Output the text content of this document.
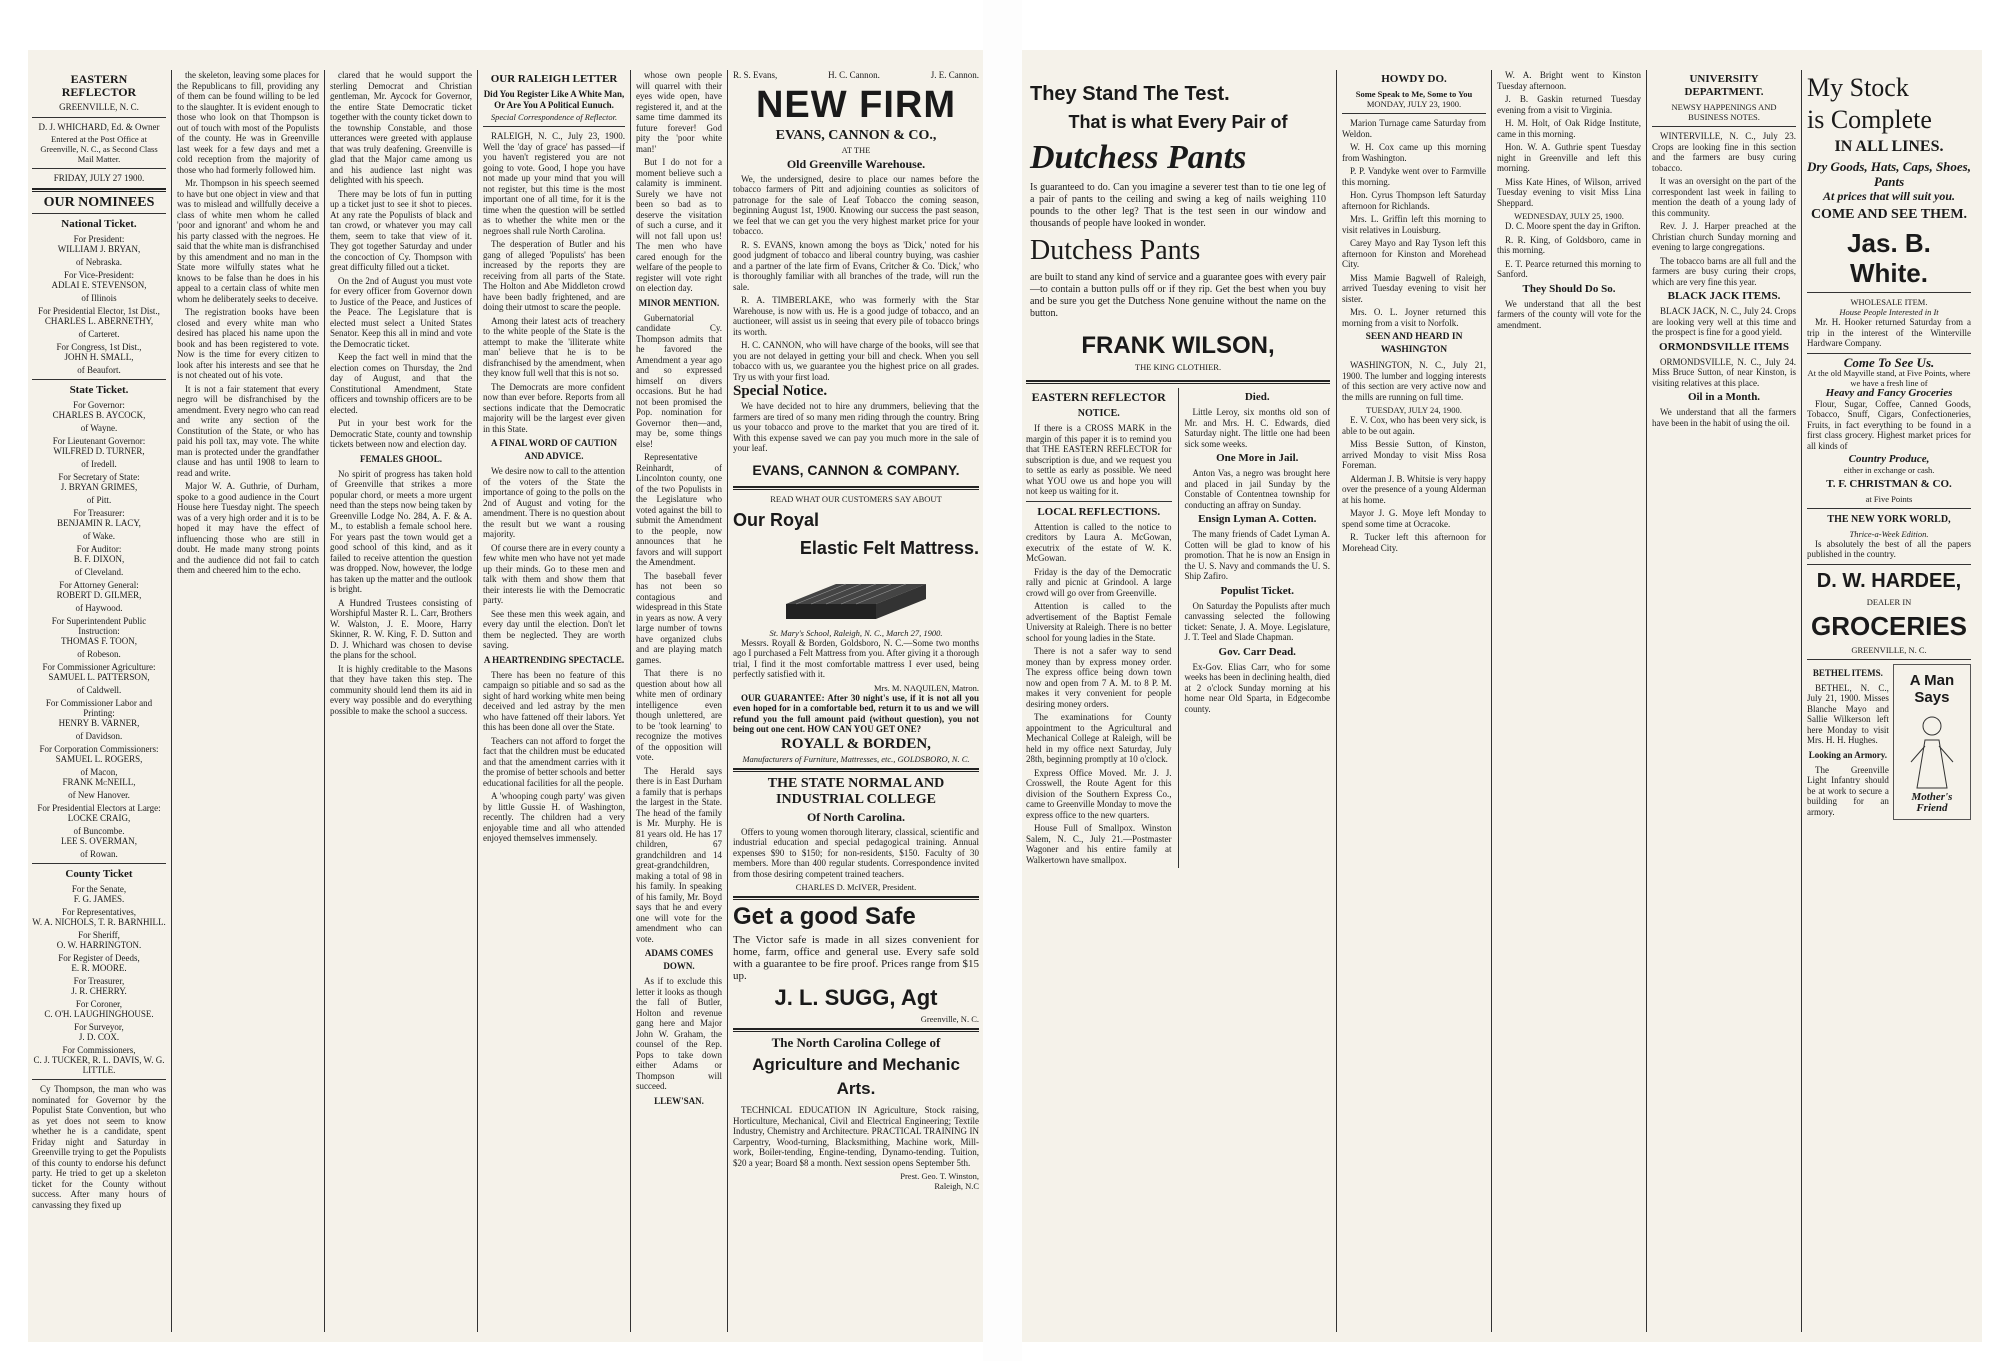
EASTERN REFLECTOR
GREENVILLE, N. C.
D. J. WHICHARD, Ed. & Owner
Entered at the Post Office at Greenville, N. C., as Second Class Mail Matter.
FRIDAY, JULY 27 1900.
OUR NOMINEES
National Ticket.
For President:
WILLIAM J. BRYAN,
of Nebraska.
For Vice-President:
ADLAI E. STEVENSON,
of Illinois
For Presidential Elector, 1st Dist.,
CHARLES L. ABERNETHY,
of Carteret.
For Congress, 1st Dist.,
JOHN H. SMALL,
of Beaufort.
State Ticket.
For Governor:
CHARLES B. AYCOCK,
of Wayne.
For Lieutenant Governor:
WILFRED D. TURNER,
of Iredell.
For Secretary of State:
J. BRYAN GRIMES,
of Pitt.
For Treasurer:
BENJAMIN R. LACY,
of Wake.
For Auditor:
B. F. DIXON,
of Cleveland.
For Attorney General:
ROBERT D. GILMER,
of Haywood.
For Superintendent Public Instruction:
THOMAS F. TOON,
of Robeson.
For Commissioner Agriculture:
SAMUEL L. PATTERSON,
of Caldwell.
For Commissioner Labor and Printing:
HENRY B. VARNER,
of Davidson.
For Corporation Commissioners:
SAMUEL L. ROGERS,
of Macon,
FRANK McNEILL,
of New Hanover.
For Presidential Electors at Large:
LOCKE CRAIG,
of Buncombe.
LEE S. OVERMAN,
of Rowan.
County Ticket
For the Senate,
F. G. JAMES.
For Representatives,
W. A. NICHOLS, T. R. BARNHILL.
For Sheriff,
O. W. HARRINGTON.
For Register of Deeds,
E. R. MOORE.
For Treasurer,
J. R. CHERRY.
For Coroner,
C. O'H. LAUGHINGHOUSE.
For Surveyor,
J. D. COX.
For Commissioners,
C. J. TUCKER, R. L. DAVIS, W. G. LITTLE.

Cy Thompson, the man who was nominated for Governor by the Populist State Convention, but who as yet does not seem to know whether he is a candidate, spent Friday night and Saturday in Greenville trying to get the Populists of this county to endorse his defunct party. He tried to get up a skeleton ticket for the County without success. After many hours of canvassing they fixed up

the skeleton, leaving some places for the Republicans to fill, providing any of them can be found willing to be led to the slaughter. It is evident enough to those who look on that Thompson is out of touch with most of the Populists of the county. He was in Greenville last week for a few days and met a cold reception from the majority of those who had formerly followed him.

Mr. Thompson in his speech seemed to have but one object in view and that was to mislead and willfully deceive a class of white men whom he called 'poor and ignorant' and whom he and his party classed with the negroes. He said that the white man is disfranchised by this amendment and no man in the State more wilfully states what he knows to be false than he does in his appeal to a certain class of white men whom he deliberately seeks to deceive.

The registration books have been closed and every white man who desired has placed his name upon the book and has been registered to vote. Now is the time for every citizen to look after his interests and see that he is not cheated out of his vote.

It is not a fair statement that every negro will be disfranchised by the amendment. Every negro who can read and write any section of the Constitution of the State, or who has paid his poll tax, may vote. The white man is protected under the grandfather clause and has until 1908 to learn to read and write.

Major W. A. Guthrie, of Durham, spoke to a good audience in the Court House here Tuesday night. The speech was of a very high order and it is to be hoped it may have the effect of influencing those who are still in doubt. He made many strong points and the audience did not fail to catch them and cheered him to the echo.

clared that he would support the sterling Democrat and Christian gentleman, Mr. Aycock for Governor, the entire State Democratic ticket together with the county ticket down to the township Constable, and those utterances were greeted with applause that was truly deafening. Greenville is glad that the Major came among us and his audience last night was delighted with his speech.

There may be lots of fun in putting up a ticket just to see it shot to pieces. At any rate the Populists of black and tan crowd, or whatever you may call them, seem to take that view of it. They got together Saturday and under the concoction of Cy. Thompson with great difficulty filled out a ticket.

On the 2nd of August you must vote for every officer from Governor down to Justice of the Peace, and Justices of the Peace. The Legislature that is elected must select a United States Senator. Keep this all in mind and vote the Democratic ticket.

Keep the fact well in mind that the election comes on Thursday, the 2nd day of August, and that the Constitutional Amendment, State officers and township officers are to be elected.

Put in your best work for the Democratic State, county and township tickets between now and election day.

FEMALES GHOOL.

No spirit of progress has taken hold of Greenville that strikes a more popular chord, or meets a more urgent need than the steps now being taken by Greenville Lodge No. 284, A. F. & A. M., to establish a female school here. For years past the town would get a good school of this kind, and as it failed to receive attention the question was dropped. Now, however, the lodge has taken up the matter and the outlook is bright.

A Hundred Trustees consisting of Worshipful Master R. L. Carr, Brothers W. Walston, J. E. Moore, Harry Skinner, R. W. King, F. D. Sutton and D. J. Whichard was chosen to devise the plans for the school.

It is highly creditable to the Masons that they have taken this step. The community should lend them its aid in every way possible and do everything possible to make the school a success.

OUR RALEIGH LETTER
Did You Register Like A White Man, Or Are You A Political Eunuch.
Special Correspondence of Reflector.

RALEIGH, N. C., July 23, 1900. Well the 'day of grace' has passed—if you haven't registered you are not going to vote. Good, I hope you have not made up your mind that you will not register, but this time is the most important one of all time, for it is the time when the question will be settled as to whether the white men or the negroes shall rule North Carolina.

The desperation of Butler and his gang of alleged 'Populists' has been increased by the reports they are receiving from all parts of the State. The Holton and Abe Middleton crowd have been badly frightened, and are doing their utmost to scare the people.

Among their latest acts of treachery to the white people of the State is the attempt to make the 'illiterate white man' believe that he is to be disfranchised by the amendment, when they know full well that this is not so.

The Democrats are more confident now than ever before. Reports from all sections indicate that the Democratic majority will be the largest ever given in this State.

A FINAL WORD OF CAUTION AND ADVICE.

We desire now to call to the attention of the voters of the State the importance of going to the polls on the 2nd of August and voting for the amendment. There is no question about the result but we want a rousing majority.

Of course there are in every county a few white men who have not yet made up their minds. Go to these men and talk with them and show them that their interests lie with the Democratic party.

See these men this week again, and every day until the election. Don't let them be neglected. They are worth saving.

A HEARTRENDING SPECTACLE.

There has been no feature of this campaign so pitiable and so sad as the sight of hard working white men being deceived and led astray by the men who have fattened off their labors. Yet this has been done all over the State.

Teachers can not afford to forget the fact that the children must be educated and that the amendment carries with it the promise of better schools and better educational facilities for all the people.

A 'whooping cough party' was given by little Gussie H. of Washington, recently. The children had a very enjoyable time and all who attended enjoyed themselves immensely.

whose own people will quarrel with their eyes wide open, have registered it, and at the same time dammed its future forever! God pity the 'poor white man!'

But I do not for a moment believe such a calamity is imminent. Surely we have not been so bad as to deserve the visitation of such a curse, and it will not fall upon us! The men who have cared enough for the welfare of the people to register will vote right on election day.

MINOR MENTION.

Gubernatorial candidate Cy. Thompson admits that he favored the Amendment a year ago and so expressed himself on divers occasions. But he had not been promised the Pop. nomination for Governor then—and, may be, some things else!

Representative Reinhardt, of Lincolnton county, one of the two Populists in the Legislature who voted against the bill to submit the Amendment to the people, now announces that he favors and will support the Amendment.

The baseball fever has not been so contagious and widespread in this State in years as now. A very large number of towns have organized clubs and are playing match games.

That there is no question about how all white men of ordinary intelligence even though unlettered, are to be 'took learning' to recognize the motives of the opposition will vote.

The Herald says there is in East Durham a family that is perhaps the largest in the State. The head of the family is Mr. Murphy. He is 81 years old. He has 17 children, 67 grandchildren and 14 great-grandchildren, making a total of 98 in his family. In speaking of his family, Mr. Boyd says that he and every one will vote for the amendment who can vote.

ADAMS COMES DOWN.

As if to exclude this letter it looks as though the fall of Butler, Holton and revenue gang here and Major John W. Graham, the counsel of the Rep. Pops to take down either Adams or Thompson will succeed.

LLEW'SAN.

R. S. Evans,	H. C. Cannon.	J. E. Cannon.
NEW FIRM
EVANS, CANNON & CO.,
AT THE
Old Greenville Warehouse.

We, the undersigned, desire to place our names before the tobacco farmers of Pitt and adjoining counties as solicitors of patronage for the sale of Leaf Tobacco the coming season, beginning August 1st, 1900. Knowing our success the past season, we feel that we can get you the very highest market price for your tobacco.

R. S. EVANS, known among the boys as 'Dick,' noted for his good judgment of tobacco and liberal country buying, was cashier and a partner of the late firm of Evans, Critcher & Co. 'Dick,' who is thoroughly familiar with all branches of the trade, will run the sale.

R. A. TIMBERLAKE, who was formerly with the Star Warehouse, is now with us. He is a good judge of tobacco, and an auctioneer, will assist us in seeing that every pile of tobacco brings its worth.

H. C. CANNON, who will have charge of the books, will see that you are not delayed in getting your bill and check. When you sell tobacco with us, we guarantee you the highest price on all grades. Try us with your first load.

Special Notice.

We have decided not to hire any drummers, believing that the farmers are tired of so many men riding through the country. Bring us your tobacco and prove to the market that you are tired of it. With this expense saved we can pay you much more in the sale of your leaf.

EVANS, CANNON & COMPANY.
READ WHAT OUR CUSTOMERS SAY ABOUT
Our Royal
Elastic Felt Mattress.
St. Mary's School, Raleigh, N. C., March 27, 1900.

Messrs. Royall & Borden, Goldsboro, N. C.—Some two months ago I purchased a Felt Mattress from you. After giving it a thorough trial, I find it the most comfortable mattress I ever used, being perfectly satisfied with it.

Mrs. M. NAQUILEN, Matron.

OUR GUARANTEE: After 30 night's use, if it is not all you even hoped for in a comfortable bed, return it to us and we will refund you the full amount paid (without question), you not being out one cent. HOW CAN YOU GET ONE?

ROYALL & BORDEN,
Manufacturers of Furniture, Mattresses, etc., GOLDSBORO, N. C.
THE STATE NORMAL AND INDUSTRIAL COLLEGE
Of North Carolina.

Offers to young women thorough literary, classical, scientific and industrial education and special pedagogical training. Annual expenses $90 to $150; for non-residents, $150. Faculty of 30 members. More than 400 regular students. Correspondence invited from those desiring competent trained teachers.

CHARLES D. McIVER, President.
Get a good Safe

The Victor safe is made in all sizes convenient for home, farm, office and general use. Every safe sold with a guarantee to be fire proof. Prices range from $15 up.

J. L. SUGG, Agt
Greenville, N. C.
The North Carolina College of
Agriculture and Mechanic Arts.

TECHNICAL EDUCATION IN Agriculture, Stock raising, Horticulture, Mechanical, Civil and Electrical Engineering; Textile Industry, Chemistry and Architecture. PRACTICAL TRAINING IN Carpentry, Wood-turning, Blacksmithing, Machine work, Mill-work, Boiler-tending, Engine-tending, Dynamo-tending. Tuition, $20 a year; Board $8 a month. Next session opens September 5th.

Prest. Geo. T. Winston,
Raleigh, N.C
They Stand The Test.
That is what Every Pair of
Dutchess Pants

Is guaranteed to do. Can you imagine a severer test than to tie one leg of a pair of pants to the ceiling and swing a keg of nails weighing 110 pounds to the other leg? That is the test seen in our window and thousands of people have looked in wonder.

Dutchess Pants

are built to stand any kind of service and a guarantee goes with every pair—to contain a button pulls off or if they rip. Get the best when you buy and be sure you get the Dutchess None genuine without the name on the button.

FRANK WILSON,
THE KING CLOTHIER.
EASTERN REFLECTOR
NOTICE.

If there is a CROSS MARK in the margin of this paper it is to remind you that THE EASTERN REFLECTOR for subscription is due, and we request you to settle as early as possible. We need what YOU owe us and hope you will not keep us waiting for it.

LOCAL REFLECTIONS.

Attention is called to the notice to creditors by Laura A. McGowan, executrix of the estate of W. K. McGowan.

Friday is the day of the Democratic rally and picnic at Grindool. A large crowd will go over from Greenville.

Attention is called to the advertisement of the Baptist Female University at Raleigh. There is no better school for young ladies in the State.

There is not a safer way to send money than by express money order. The express office being down town now and open from 7 A. M. to 8 P. M. makes it very convenient for people desiring money orders.

The examinations for County appointment to the Agricultural and Mechanical College at Raleigh, will be held in my office next Saturday, July 28th, beginning promptly at 10 o'clock.

Express Office Moved. Mr. J. J. Crosswell, the Route Agent for this division of the Southern Express Co., came to Greenville Monday to move the express office to the new quarters.

House Full of Smallpox. Winston Salem, N. C., July 21.—Postmaster Wagoner and his entire family at Walkertown have smallpox.

Died.

Little Leroy, six months old son of Mr. and Mrs. H. C. Edwards, died Saturday night. The little one had been sick some weeks.

One More in Jail.

Anton Vas, a negro was brought here and placed in jail Sunday by the Constable of Contentnea township for conducting an affray on Sunday.

Ensign Lyman A. Cotten.

The many friends of Cadet Lyman A. Cotten will be glad to know of his promotion. That he is now an Ensign in the U. S. Navy and commands the U. S. Ship Zafiro.

Populist Ticket.

On Saturday the Populists after much canvassing selected the following ticket: Senate, J. A. Moye. Legislature, J. T. Teel and Slade Chapman.

Gov. Carr Dead.

Ex-Gov. Elias Carr, who for some weeks has been in declining health, died at 2 o'clock Sunday morning at his home near Old Sparta, in Edgecombe county.

HOWDY DO.
Some Speak to Me, Some to You
MONDAY, JULY 23, 1900.

Marion Turnage came Saturday from Weldon.

W. H. Cox came up this morning from Washington.

P. P. Vandyke went over to Farmville this morning.

Hon. Cyrus Thompson left Saturday afternoon for Richlands.

Mrs. L. Griffin left this morning to visit relatives in Louisburg.

Carey Mayo and Ray Tyson left this afternoon for Kinston and Morehead City.

Miss Mamie Bagwell of Raleigh, arrived Tuesday evening to visit her sister.

Mrs. O. L. Joyner returned this morning from a visit to Norfolk.

SEEN AND HEARD IN WASHINGTON

WASHINGTON, N. C., July 21, 1900. The lumber and logging interests of this section are very active now and the mills are running on full time.

TUESDAY, JULY 24, 1900.

E. V. Cox, who has been very sick, is able to be out again.

Miss Bessie Sutton, of Kinston, arrived Monday to visit Miss Rosa Foreman.

Alderman J. B. Whitsie is very happy over the presence of a young Alderman at his home.

Mayor J. G. Moye left Monday to spend some time at Ocracoke.

R. Tucker left this afternoon for Morehead City.

W. A. Bright went to Kinston Tuesday afternoon.

J. B. Gaskin returned Tuesday evening from a visit to Virginia.

H. M. Holt, of Oak Ridge Institute, came in this morning.

Hon. W. A. Guthrie spent Tuesday night in Greenville and left this morning.

Miss Kate Hines, of Wilson, arrived Tuesday evening to visit Miss Lina Sheppard.

WEDNESDAY, JULY 25, 1900.

D. C. Moore spent the day in Grifton.

R. R. King, of Goldsboro, came in this morning.

E. T. Pearce returned this morning to Sanford.

They Should Do So.

We understand that all the best farmers of the county will vote for the amendment.

UNIVERSITY DEPARTMENT.
NEWSY HAPPENINGS AND BUSINESS NOTES.

WINTERVILLE, N. C., July 23. Crops are looking fine in this section and the farmers are busy curing tobacco.

It was an oversight on the part of the correspondent last week in failing to mention the death of a young lady of this community.

Rev. J. J. Harper preached at the Christian church Sunday morning and evening to large congregations.

The tobacco barns are all full and the farmers are busy curing their crops, which are very fine this year.

BLACK JACK ITEMS.

BLACK JACK, N. C., July 24. Crops are looking very well at this time and the prospect is fine for a good yield.

ORMONDSVILLE ITEMS

ORMONDSVILLE, N. C., July 24. Miss Bruce Sutton, of near Kinston, is visiting relatives at this place.

Oil in a Month.

We understand that all the farmers have been in the habit of using the oil.

My Stock
is Complete
IN ALL LINES.
Dry Goods, Hats, Caps, Shoes, Pants
At prices that will suit you.
COME AND SEE THEM.
Jas. B. White.
WHOLESALE ITEM.
House People Interested in It

Mr. H. Hooker returned Saturday from a trip in the interest of the Winterville Hardware Company.

Come To See Us.
At the old Mayville stand, at Five Points, where we have a fresh line of
Heavy and Fancy Groceries

Flour, Sugar, Coffee, Canned Goods, Tobacco, Snuff, Cigars, Confectioneries, Fruits, in fact everything to be found in a first class grocery. Highest market prices for all kinds of

Country Produce,
either in exchange or cash.
T. F. CHRISTMAN & CO.
at Five Points
THE NEW YORK WORLD,
Thrice-a-Week Edition.

Is absolutely the best of all the papers published in the country.

D. W. HARDEE,
DEALER IN
GROCERIES
GREENVILLE, N. C.
BETHEL ITEMS.

BETHEL, N. C., July 21, 1900. Misses Blanche Mayo and Sallie Wilkerson left here Monday to visit Mrs. H. H. Hughes.

Looking an Armory.

The Greenville Light Infantry should be at work to secure a building for an armory.

A Man Says
Mother's Friend
